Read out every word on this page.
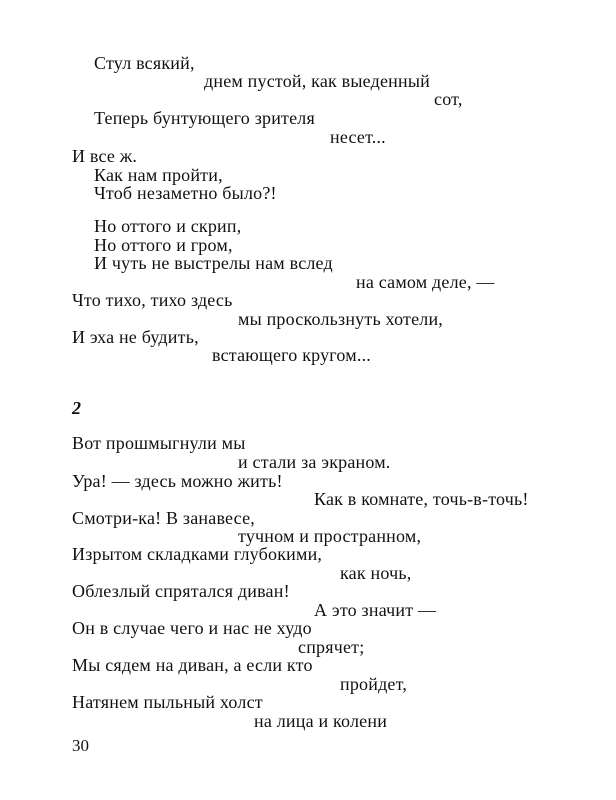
Стул всякий,
днем пустой, как выеденный
сот,
Теперь бунтующего зрителя
несет...
И все ж.
Как нам пройти,
Чтоб незаметно было?!
Но оттого и скрип,
Но оттого и гром,
И чуть не выстрелы нам вслед
на самом деле, —
Что тихо, тихо здесь
мы проскользнуть хотели,
И эха не будить,
встающего кругом...
2
Вот прошмыгнули мы
и стали за экраном.
Ура! — здесь можно жить!
Как в комнате, точь-в-точь!
Смотри-ка! В занавесе,
тучном и пространном,
Изрытом складками глубокими,
как ночь,
Облезлый спрятался диван!
А это значит —
Он в случае чего и нас не худо
спрячет;
Мы сядем на диван, а если кто
пройдет,
Натянем пыльный холст
на лица и колени
30
